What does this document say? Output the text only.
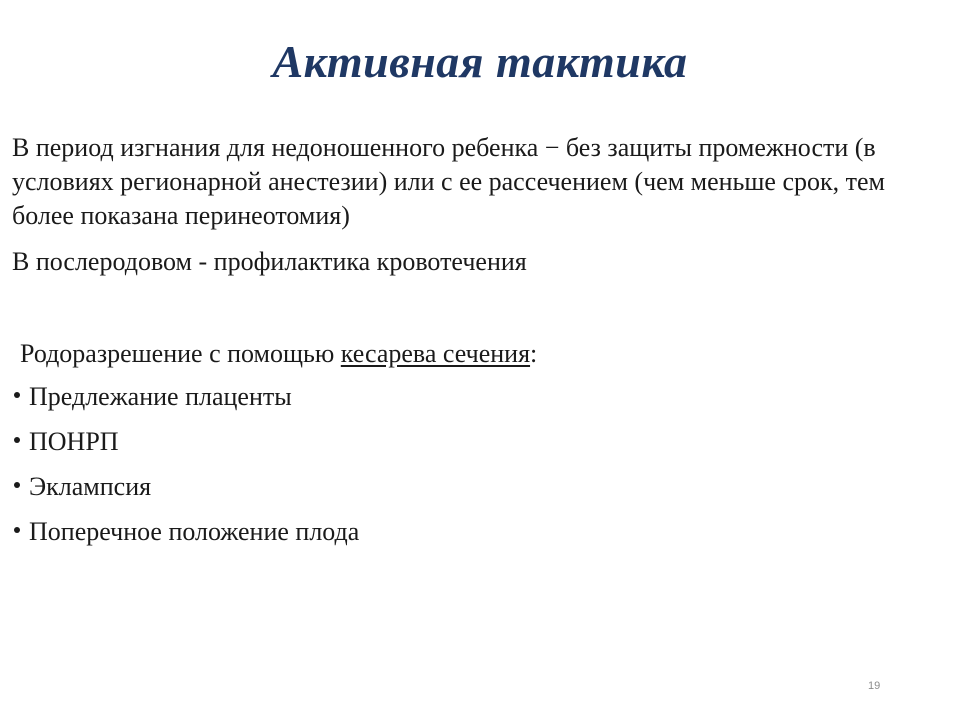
Активная тактика

В период изгнания для недоношенного ребенка − без защиты промежности (в условиях регионарной анестезии) или с ее рассечением (чем меньше срок, тем более показана перинеотомия)

В послеродовом - профилактика кровотечения

Родоразрешение с помощью кесарева сечения:

Предлежание плаценты
ПОНРП
Эклампсия
Поперечное положение плода
19
